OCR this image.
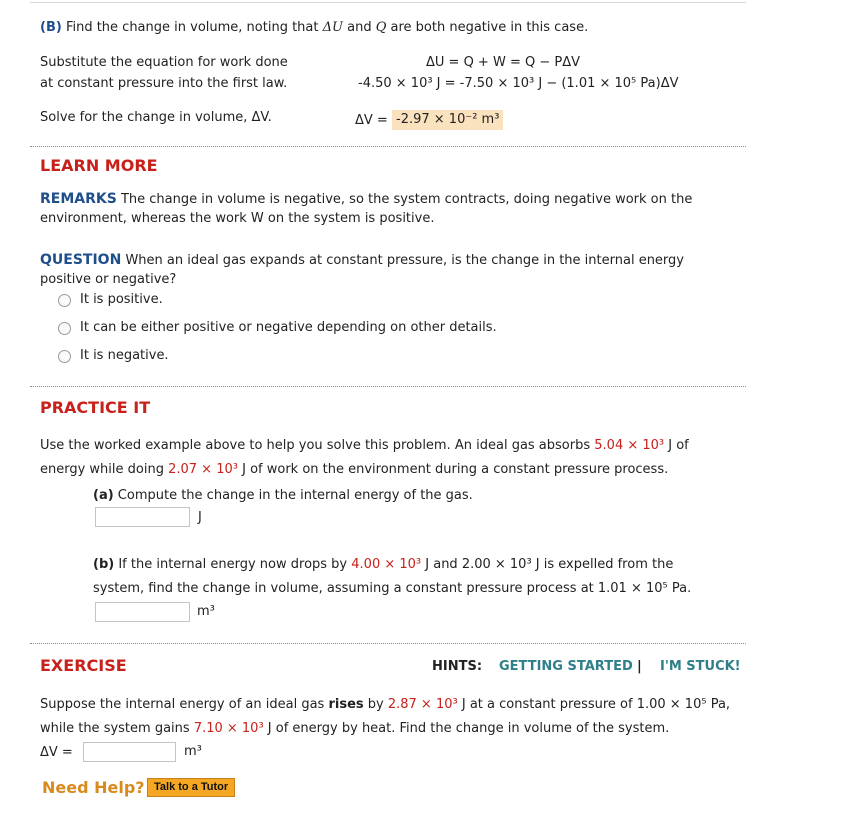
(B) Find the change in volume, noting that ΔU and Q are both negative in this case.
Substitute the equation for work done
at constant pressure into the first law.
ΔU = Q + W = Q − PΔV
-4.50 × 10³ J = -7.50 × 10³ J − (1.01 × 10⁵ Pa)ΔV
Solve for the change in volume, ΔV.	ΔV = -2.97 × 10⁻² m³
LEARN MORE
REMARKS The change in volume is negative, so the system contracts, doing negative work on the
environment, whereas the work W on the system is positive.
QUESTION When an ideal gas expands at constant pressure, is the change in the internal energy
positive or negative?
It is positive.
It can be either positive or negative depending on other details.
It is negative.
PRACTICE IT
Use the worked example above to help you solve this problem. An ideal gas absorbs 5.04 × 10³ J of
energy while doing 2.07 × 10³ J of work on the environment during a constant pressure process.
(a) Compute the change in the internal energy of the gas.
J
(b) If the internal energy now drops by 4.00 × 10³ J and 2.00 × 10³ J is expelled from the
system, find the change in volume, assuming a constant pressure process at 1.01 × 10⁵ Pa.
m³
EXERCISE	HINTS: GETTING STARTED | I'M STUCK!
Suppose the internal energy of an ideal gas rises by 2.87 × 10³ J at a constant pressure of 1.00 × 10⁵ Pa,
while the system gains 7.10 × 10³ J of energy by heat. Find the change in volume of the system.
ΔV =	m³
Need Help? Talk to a Tutor
